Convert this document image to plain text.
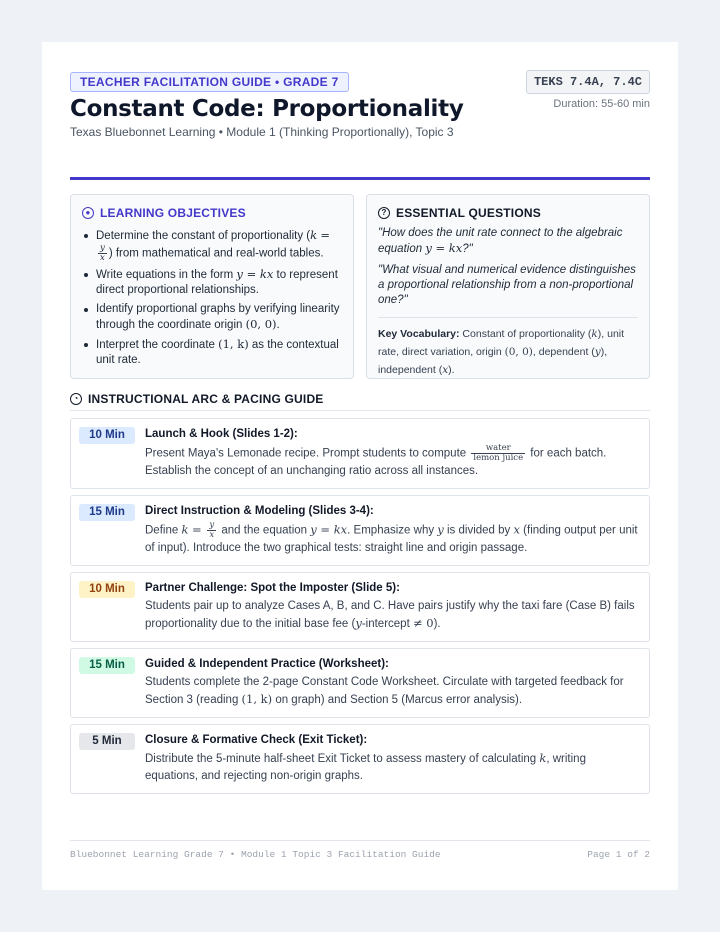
TEACHER FACILITATION GUIDE • GRADE 7
Constant Code: Proportionality
Texas Bluebonnet Learning • Module 1 (Thinking Proportionally), Topic 3
TEKS 7.4A, 7.4C
Duration: 55-60 min
● LEARNING OBJECTIVES
Determine the constant of proportionality (k =
$\frac{y}{x}$ ) from mathematical and real-world tables.
Write equations in the form y = kx to represent direct proportional relationships.
Identify proportional graphs by verifying linearity through the coordinate origin (0, 0).
Interpret the coordinate (1, k) as the contextual unit rate.
? ESSENTIAL QUESTIONS
"How does the unit rate connect to the algebraic equation y = kx?"
"What visual and numerical evidence distinguishes a proportional relationship from a non-proportional one?"
Key Vocabulary: Constant of proportionality (k), unit rate, direct variation, origin (0, 0), dependent (y), independent (x).
◔ INSTRUCTIONAL ARC & PACING GUIDE
10 Min	Launch & Hook (Slides 1-2):
Present Maya's Lemonade recipe. Prompt students to compute $\frac{\text{water}}{\text{lemon juice}}$ for each batch. Establish the concept of an unchanging ratio across all instances.
15 Min	Direct Instruction & Modeling (Slides 3-4):
Define $k = \frac{y}{x}$ and the equation y = kx. Emphasize why y is divided by x (finding output per unit of input). Introduce the two graphical tests: straight line and origin passage.
10 Min	Partner Challenge: Spot the Imposter (Slide 5):
Students pair up to analyze Cases A, B, and C. Have pairs justify why the taxi fare (Case B) fails proportionality due to the initial base fee (y-intercept ≠ 0).
15 Min	Guided & Independent Practice (Worksheet):
Students complete the 2-page Constant Code Worksheet. Circulate with targeted feedback for Section 3 (reading (1, k) on graph) and Section 5 (Marcus error analysis).
5 Min	Closure & Formative Check (Exit Ticket):
Distribute the 5-minute half-sheet Exit Ticket to assess mastery of calculating k, writing equations, and rejecting non-origin graphs.
Bluebonnet Learning Grade 7 • Module 1 Topic 3 Facilitation Guide	Page 1 of 2
